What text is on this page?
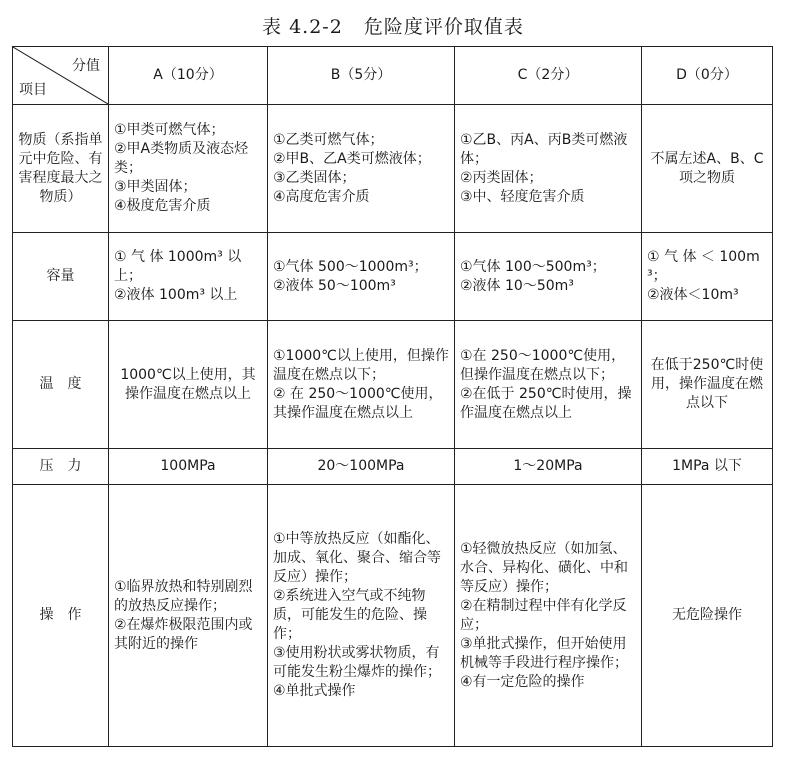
表 4.2-2   危险度评价取值表
分值
项目	A（10分）	B（5分）	C（2分）	D（0分）
物质（系指单元中危险、有害程度最大之物质）	①甲类可燃气体；
②甲A类物质及液态烃类；
③甲类固体；
④极度危害介质	①乙类可燃气体；
②甲B、乙A类可燃液体；
③乙类固体；
④高度危害介质	①乙B、丙A、丙B类可燃液体；
②丙类固体；
③中、轻度危害介质	不属左述A、B、C项之物质
容量	① 气 体 1000m³ 以上；
②液体 100m³ 以上	①气体 500～1000m³；
②液体 50～100m³	①气体 100～500m³；
②液体 10～50m³	① 气 体 ＜ 100m³；
②液体＜10m³

温　度	1000℃以上使用，其操作温度在燃点以上	①1000℃以上使用，但操作温度在燃点以下；
② 在 250～1000℃使用，其操作温度在燃点以上	①在 250～1000℃使用，但操作温度在燃点以下；
②在低于 250℃时使用，操作温度在燃点以上	在低于250℃时使用，操作温度在燃点以下
压　力	100MPa	20～100MPa	1～20MPa	1MPa 以下
操　作	①临界放热和特别剧烈的放热反应操作；
②在爆炸极限范围内或其附近的操作	①中等放热反应（如酯化、加成、氧化、聚合、缩合等反应）操作；
②系统进入空气或不纯物质，可能发生的危险、操作；
③使用粉状或雾状物质，有可能发生粉尘爆炸的操作；
④单批式操作	①轻微放热反应（如加氢、水合、异构化、磺化、中和等反应）操作；
②在精制过程中伴有化学反应；
③单批式操作，但开始使用机械等手段进行程序操作；
④有一定危险的操作	无危险操作
